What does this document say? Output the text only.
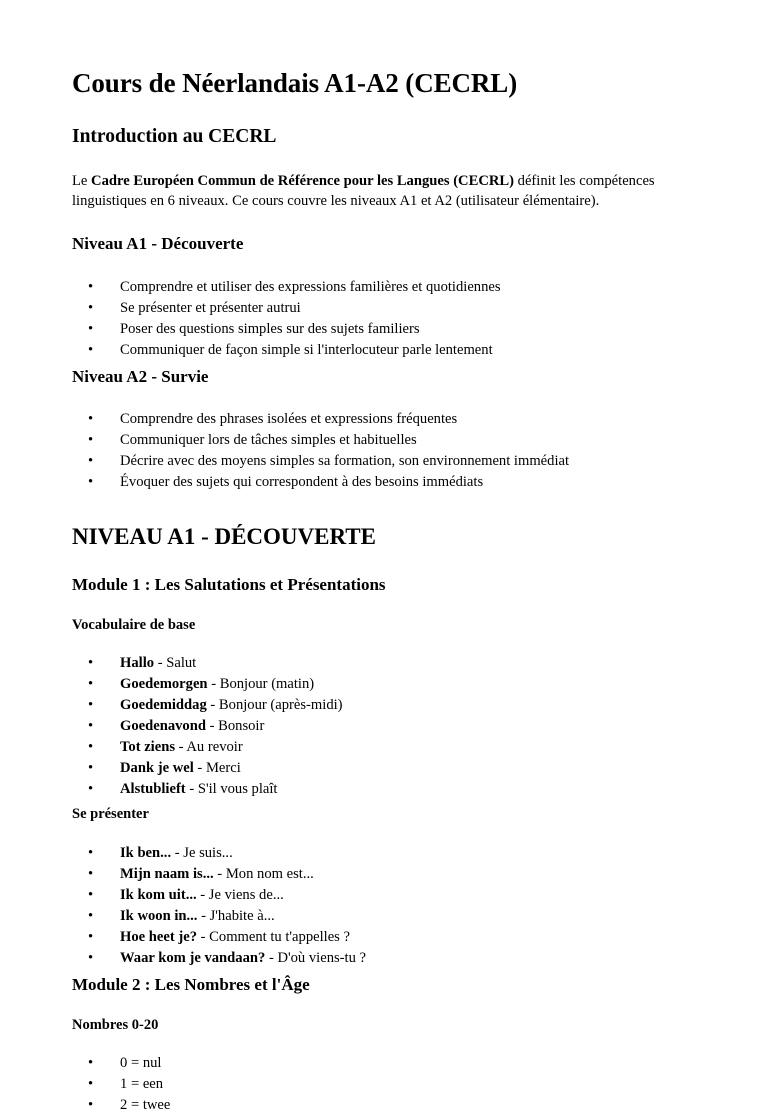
Cours de Néerlandais A1-A2 (CECRL)
Introduction au CECRL

Le Cadre Européen Commun de Référence pour les Langues (CECRL) définit les compétences linguistiques en 6 niveaux. Ce cours couvre les niveaux A1 et A2 (utilisateur élémentaire).

Niveau A1 - Découverte
• Comprendre et utiliser des expressions familières et quotidiennes
• Se présenter et présenter autrui
• Poser des questions simples sur des sujets familiers
• Communiquer de façon simple si l'interlocuteur parle lentement
Niveau A2 - Survie
• Comprendre des phrases isolées et expressions fréquentes
• Communiquer lors de tâches simples et habituelles
• Décrire avec des moyens simples sa formation, son environnement immédiat
• Évoquer des sujets qui correspondent à des besoins immédiats
NIVEAU A1 - DÉCOUVERTE
Module 1 : Les Salutations et Présentations
Vocabulaire de base
• Hallo - Salut
• Goedemorgen - Bonjour (matin)
• Goedemiddag - Bonjour (après-midi)
• Goedenavond - Bonsoir
• Tot ziens - Au revoir
• Dank je wel - Merci
• Alstublieft - S'il vous plaît
Se présenter
• Ik ben... - Je suis...
• Mijn naam is... - Mon nom est...
• Ik kom uit... - Je viens de...
• Ik woon in... - J'habite à...
• Hoe heet je? - Comment tu t'appelles ?
• Waar kom je vandaan? - D'où viens-tu ?
Module 2 : Les Nombres et l'Âge
Nombres 0-20
• 0 = nul
• 1 = een
• 2 = twee
